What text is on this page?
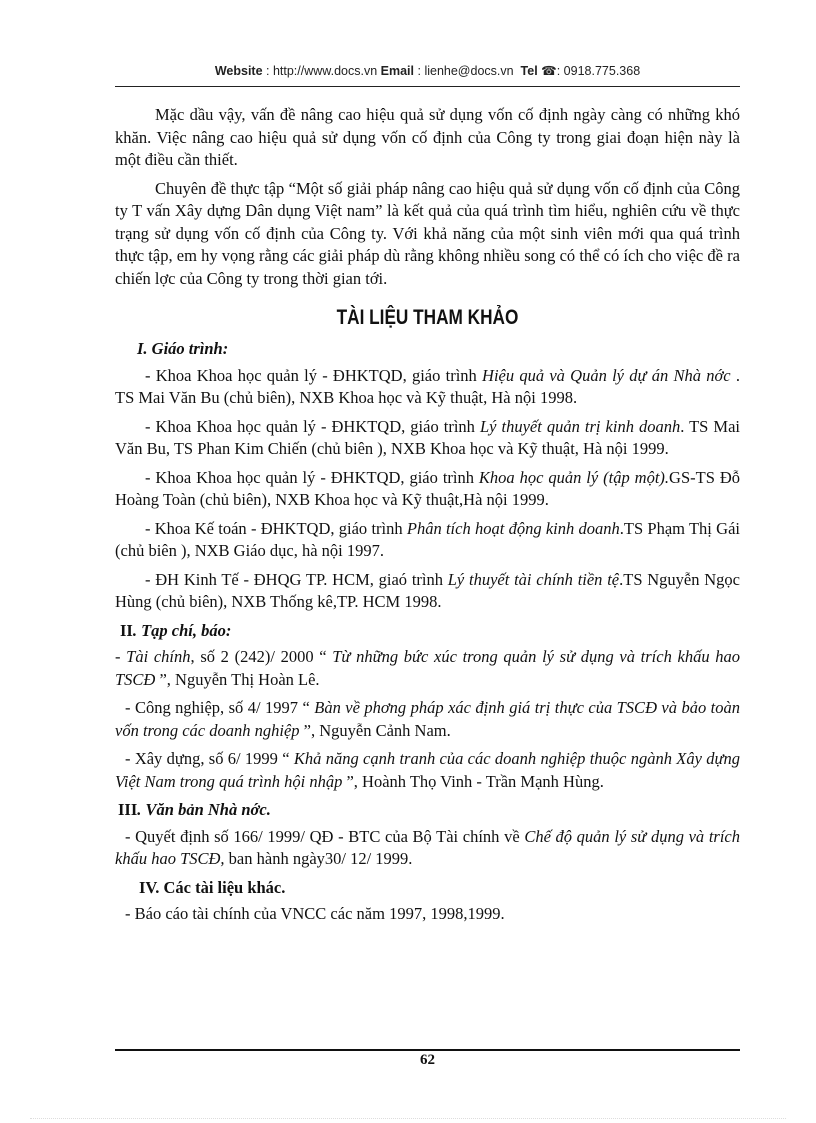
Website : http://www.docs.vn Email : lienhe@docs.vn Tel ☎: 0918.775.368

Mặc dầu vậy, vấn đề nâng cao hiệu quả sử dụng vốn cố định ngày càng có những khó khăn. Việc nâng cao hiệu quả sử dụng vốn cố định của Công ty trong giai đoạn hiện này là một điều cần thiết.

Chuyên đề thực tập “Một số giải pháp nâng cao hiệu quả sử dụng vốn cố định của Công ty T vấn Xây dựng Dân dụng Việt nam” là kết quả của quá trình tìm hiểu, nghiên cứu về thực trạng sử dụng vốn cố định của Công ty. Với khả năng của một sinh viên mới qua quá trình thực tập, em hy vọng rằng các giải pháp dù rằng không nhiều song có thể có ích cho việc đề ra chiến lợc của Công ty trong thời gian tới.

TÀI LIỆU THAM KHẢO

I. Giáo trình:

- Khoa Khoa học quản lý - ĐHKTQD, giáo trình Hiệu quả và Quản lý dự án Nhà nớc . TS Mai Văn Bu (chủ biên), NXB Khoa học và Kỹ thuật, Hà nội 1998.

- Khoa Khoa học quản lý - ĐHKTQD, giáo trình Lý thuyết quản trị kinh doanh. TS Mai Văn Bu, TS Phan Kim Chiến (chủ biên ), NXB Khoa học và Kỹ thuật, Hà nội 1999.

- Khoa Khoa học quản lý - ĐHKTQD, giáo trình Khoa học quản lý (tập một).GS-TS Đỗ Hoàng Toàn (chủ biên), NXB Khoa học và Kỹ thuật,Hà nội 1999.

- Khoa Kế toán - ĐHKTQD, giáo trình Phân tích hoạt động kinh doanh.TS Phạm Thị Gái (chủ biên ), NXB Giáo dục, hà nội 1997.

- ĐH Kinh Tế - ĐHQG TP. HCM, giaó trình Lý thuyết tài chính tiền tệ.TS Nguyễn Ngọc Hùng (chủ biên), NXB Thống kê,TP. HCM 1998.

II. Tạp chí, báo:

- Tài chính, số 2 (242)/ 2000 “ Từ những bức xúc trong quản lý sử dụng và trích khấu hao TSCĐ ”, Nguyễn Thị Hoàn Lê.

- Công nghiệp, số 4/ 1997 “ Bàn về phơng pháp xác định giá trị thực của TSCĐ và bảo toàn vốn trong các doanh nghiệp ”, Nguyễn Cảnh Nam.

- Xây dựng, số 6/ 1999 “ Khả năng cạnh tranh của các doanh nghiệp thuộc ngành Xây dựng Việt Nam trong quá trình hội nhập ”, Hoành Thọ Vinh - Trần Mạnh Hùng.

III. Văn bản Nhà nớc.

- Quyết định số 166/ 1999/ QĐ - BTC của Bộ Tài chính về Chế độ quản lý sử dụng và trích khấu hao TSCĐ, ban hành ngày30/ 12/ 1999.

IV. Các tài liệu khác.

- Báo cáo tài chính của VNCC các năm 1997, 1998,1999.

62
